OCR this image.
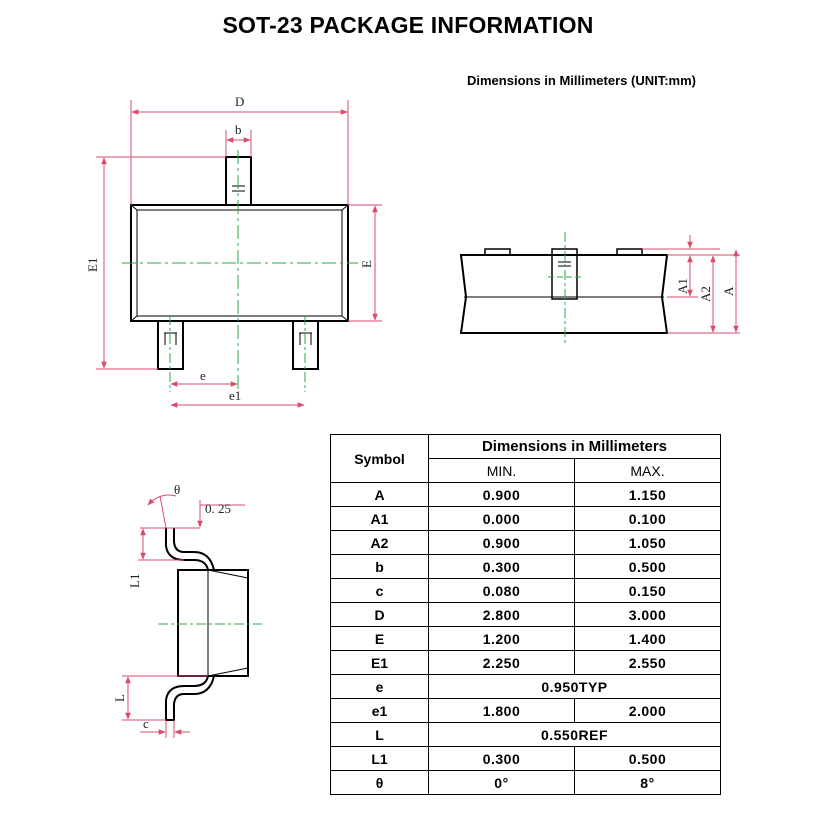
SOT-23 PACKAGE INFORMATION
Dimensions in Millimeters (UNIT:mm)
D
b
E1	E
e
e1
A1
A2 A
0. 25
θ
L1
L
c
Symbol	Dimensions in Millimeters	
	MIN.	MAX.
A	0.900	1.150
A1	0.000	0.100
A2	0.900	1.050
b	0.300	0.500
c	0.080	0.150
D	2.800	3.000
E	1.200	1.400
E1	2.250	2.550
e	0.950TYP	
e1	1.800	2.000
L	0.550REF	
L1	0.300	0.500
θ	0°	8°
